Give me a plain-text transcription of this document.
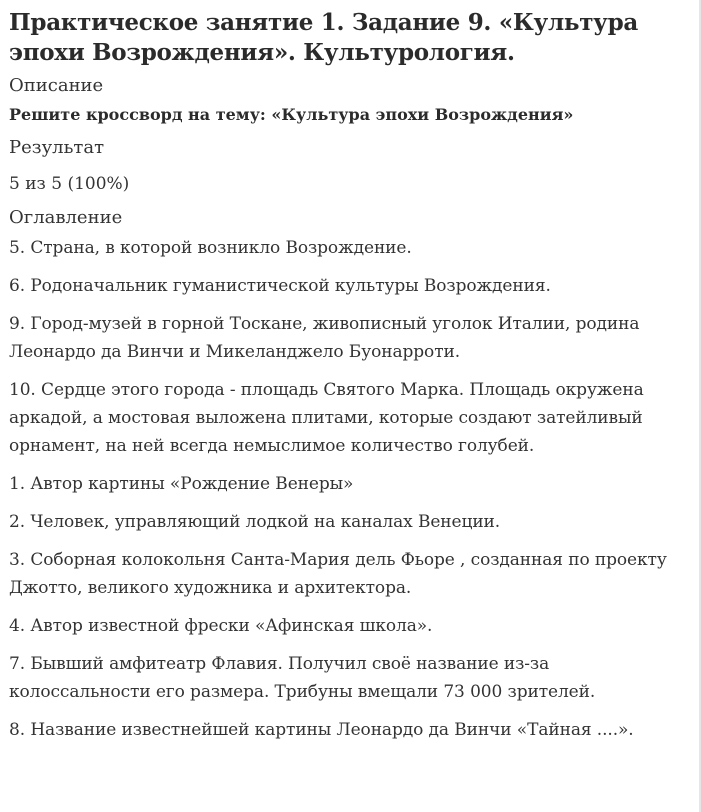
Практическое занятие 1. Задание 9. «Культура эпохи Возрождения». Культурология.

Описание

Решите кроссворд на тему: «Культура эпохи Возрождения»

Результат

5 из 5 (100%)

Оглавление

5. Страна, в которой возникло Возрождение.
6. Родоначальник гуманистической культуры Возрождения.
9. Город-музей в горной Тоскане, живописный уголок Италии, родина Леонардо да Винчи и Микеланджело Буонарроти.
10. Сердце этого города - площадь Святого Марка. Площадь окружена аркадой, а мостовая выложена плитами, которые создают затейливый орнамент, на ней всегда немыслимое количество голубей.
1. Автор картины «Рождение Венеры»
2. Человек, управляющий лодкой на каналах Венеции.
3. Соборная колокольня Санта-Мария дель Фьоре , созданная по проекту Джотто, великого художника и архитектора.
4. Автор известной фрески «Афинская школа».
7. Бывший амфитеатр Флавия. Получил своё название из-за колоссальности его размера. Трибуны вмещали 73 000 зрителей.
8. Название известнейшей картины Леонардо да Винчи «Тайная ....».
